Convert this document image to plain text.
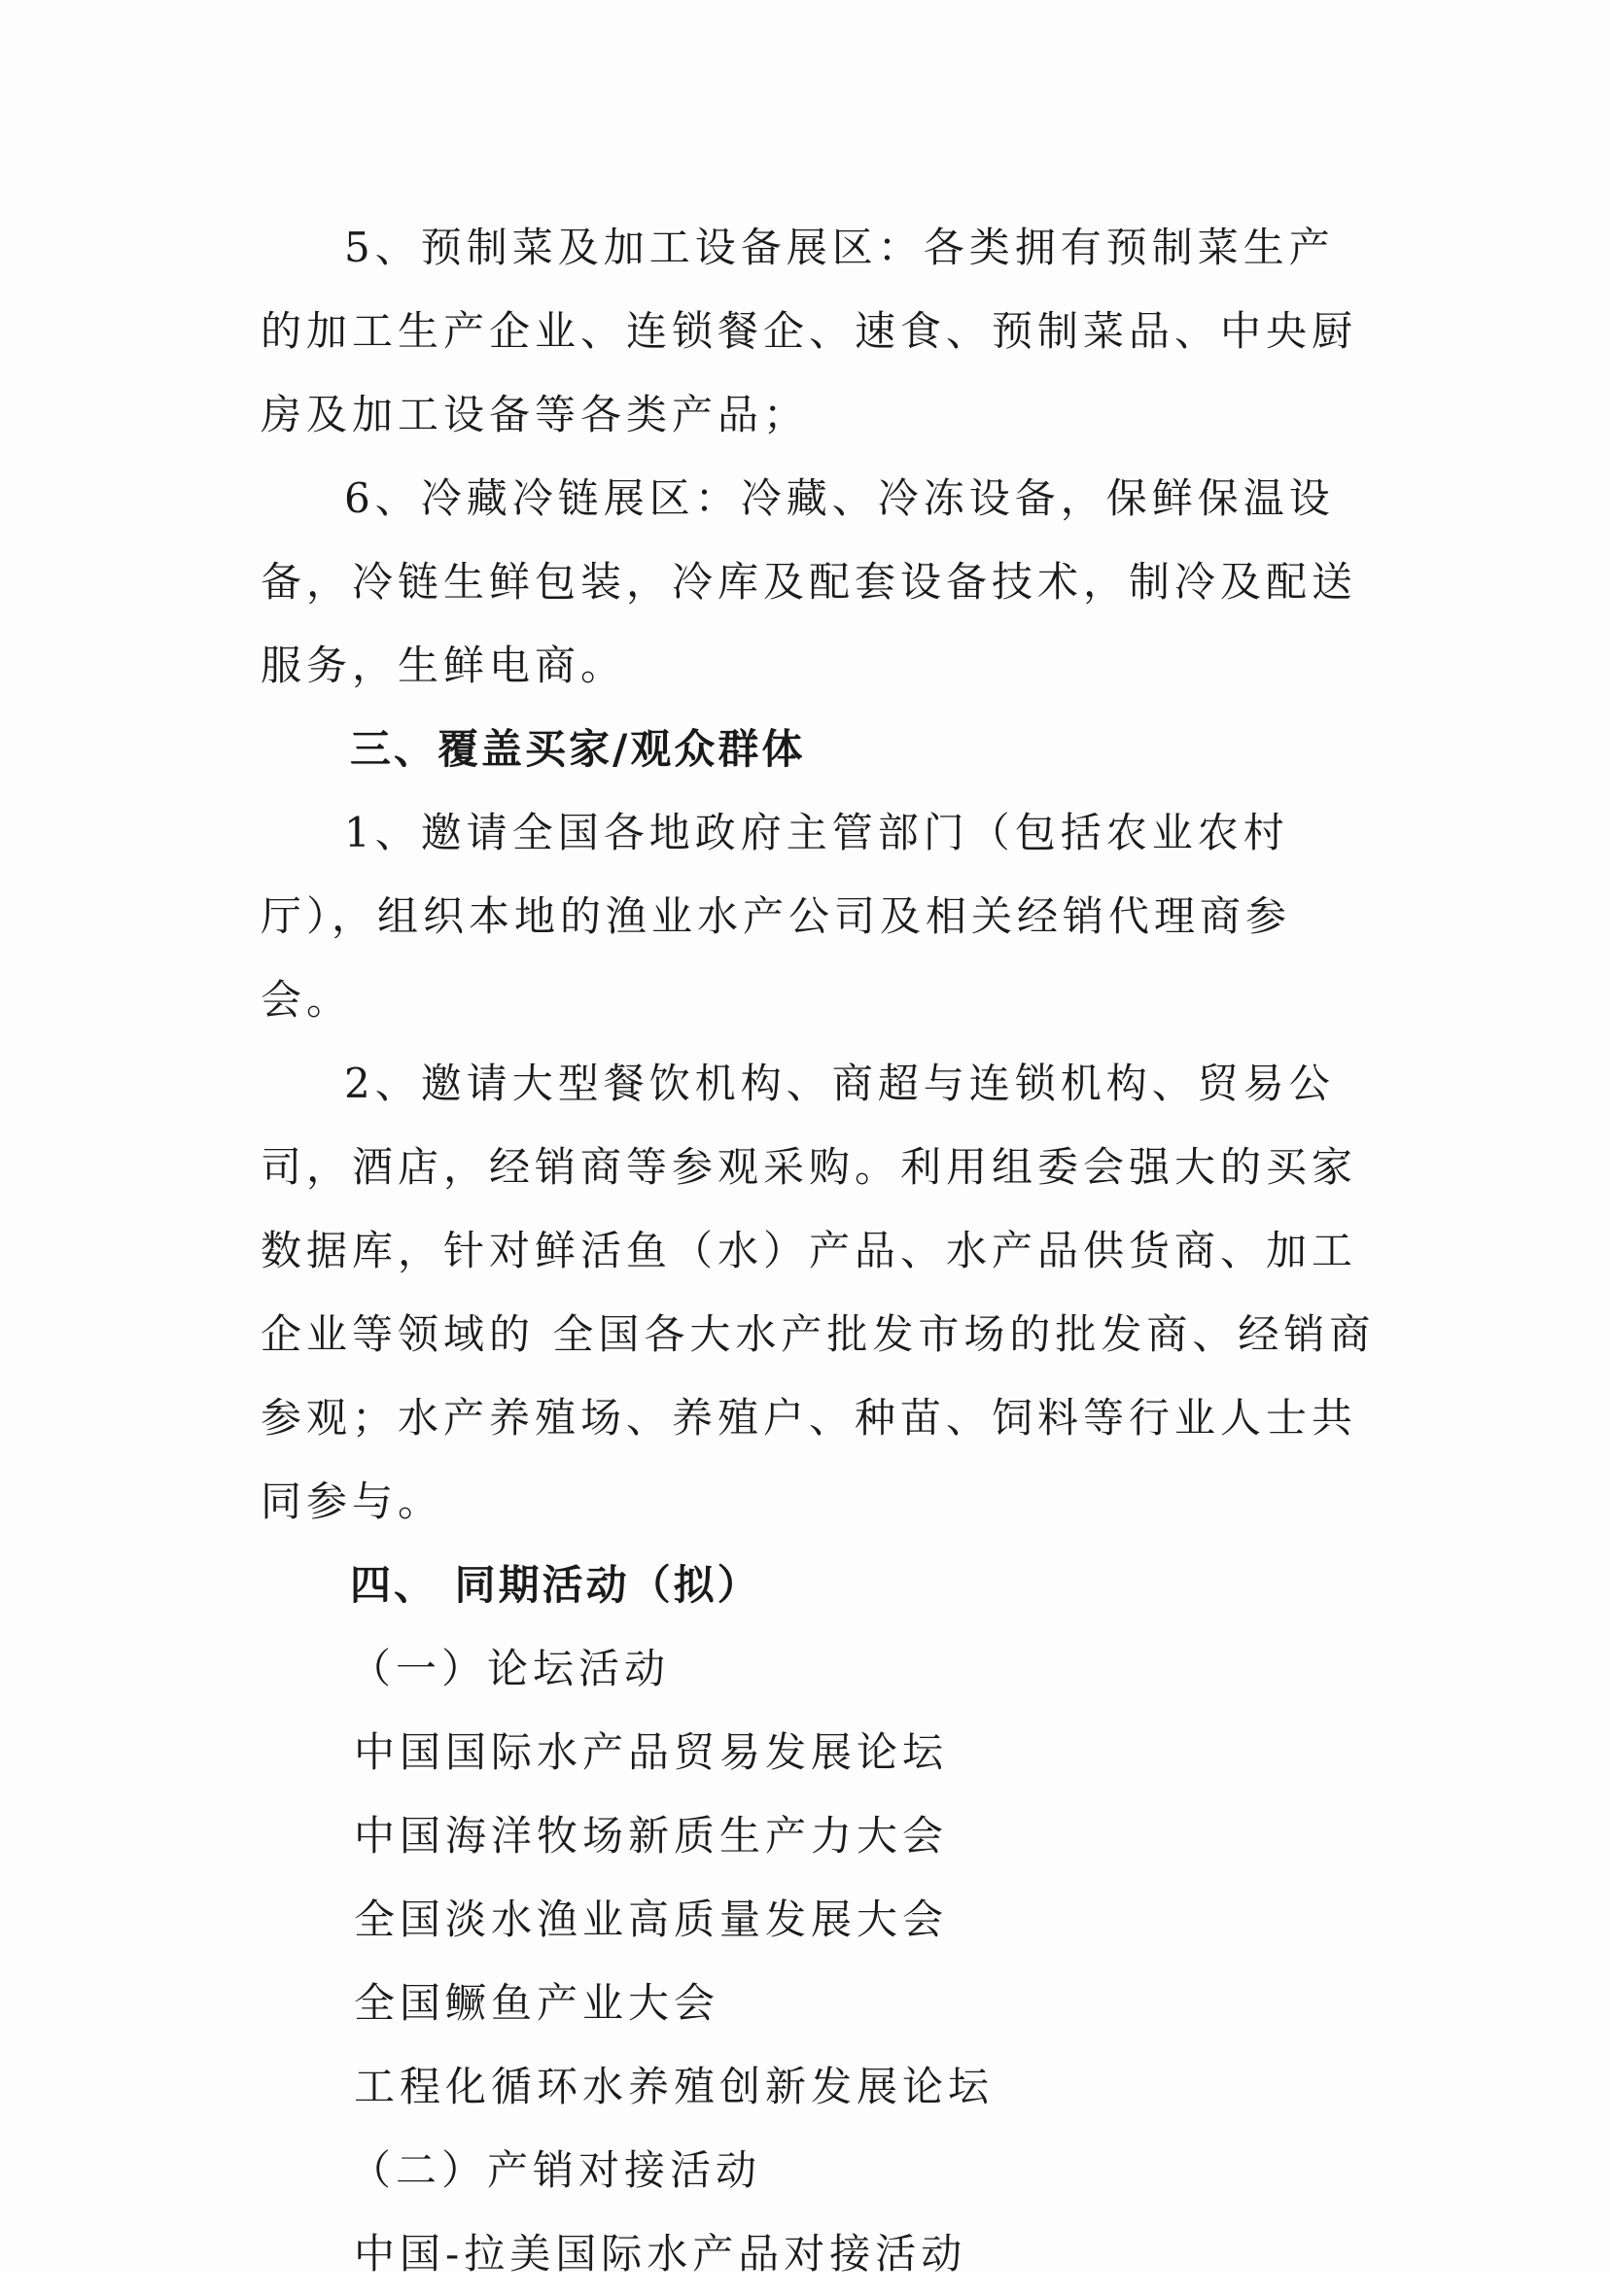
5、预制菜及加工设备展区：各类拥有预制菜生产的加工生产企业、连锁餐企、速食、预制菜品、中央厨房及加工设备等各类产品；

6、冷藏冷链展区：冷藏、冷冻设备，保鲜保温设备，冷链生鲜包装，冷库及配套设备技术，制冷及配送服务，生鲜电商。

三、覆盖买家/观众群体

1、邀请全国各地政府主管部门（包括农业农村厅），组织本地的渔业水产公司及相关经销代理商参会。

2、邀请大型餐饮机构、商超与连锁机构、贸易公司，酒店，经销商等参观采购。利用组委会强大的买家数据库，针对鲜活鱼（水）产品、水产品供货商、加工企业等领域的 全国各大水产批发市场的批发商、经销商参观；水产养殖场、养殖户、种苗、饲料等行业人士共同参与。

四、 同期活动（拟）

（一）论坛活动

中国国际水产品贸易发展论坛

中国海洋牧场新质生产力大会

全国淡水渔业高质量发展大会

全国鳜鱼产业大会

工程化循环水养殖创新发展论坛

（二）产销对接活动

中国-拉美国际水产品对接活动
